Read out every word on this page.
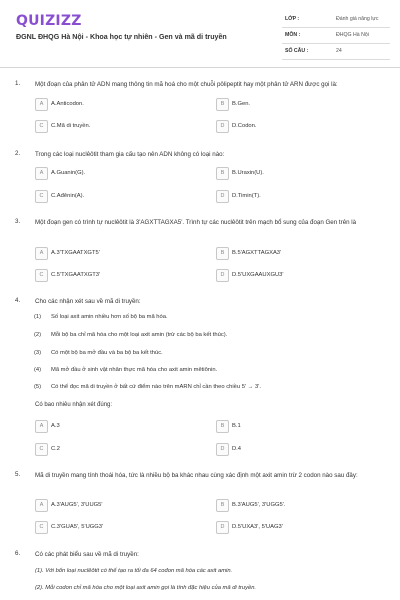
QUIZIZZ
ĐGNL ĐHQG Hà Nội - Khoa học tự nhiên - Gen và mã di truyền
LỚP :	Đánh giá năng lực
MÔN :	ĐHQG Hà Nội
SỐ CÂU :	24
1. Một đoạn của phân tử ADN mang thông tin mã hoá cho một chuỗi pôlipeptit hay một phân tử ARN được gọi là:
A	A.Anticodon.	B	B.Gen.
C	C.Mã di truyền.	D	D.Codon.
2. Trong các loại nuclêôtit tham gia cấu tạo nên ADN không có loại nào:
A	A.Guanin(G).	B	B.Uraxin(U).
C	C.Ađênin(A).	D	D.Timin(T).
3. Một đoạn gen có trình tự nuclêôtit là 3'AGXTTAGXA5'. Trình tự các nuclêôtit trên mạch bổ sung của đoạn Gen trên là
A	A.3'TXGAATXGT5'	B	B.5'AGXTTAGXA3'
C	C.5'TXGAATXGT3'	D	D.5'UXGAAUXGU3'
4. Cho các nhận xét sau về mã di truyền:
(1) Số loại axit amin nhiều hơn số bộ ba mã hóa.
(2) Mỗi bộ ba chỉ mã hóa cho một loại axit amin (trừ các bộ ba kết thúc).
(3) Có một bộ ba mở đầu và ba bộ ba kết thúc.
(4) Mã mở đầu ở sinh vật nhân thực mã hóa cho axit amin mêtiônin.
(5) Có thể đọc mã di truyền ở bất cứ điểm nào trên mARN chỉ cần theo chiều 5' → 3'.
Có bao nhiêu nhận xét đúng:
A	A.3	B	B.1
C	C.2	D	D.4
5. Mã di truyền mang tính thoái hóa, tức là nhiều bộ ba khác nhau cùng xác định một axit amin trừ 2 codon nào sau đây:
A	A.3'AUG5', 3'UUG5'	B	B.3'AUG5', 3'UGG5'.
C	C.3'GUA5', 5'UGG3'	D	D.5'UXA3', 5'UAG3'
6. Có các phát biểu sau về mã di truyền:
(1). Với bốn loại nuclêôtit có thể tạo ra tối đa 64 cođon mã hóa các axit amin.
(2). Mỗi codon chỉ mã hóa cho một loại axit amin gọi là tính đặc hiệu của mã di truyền.
